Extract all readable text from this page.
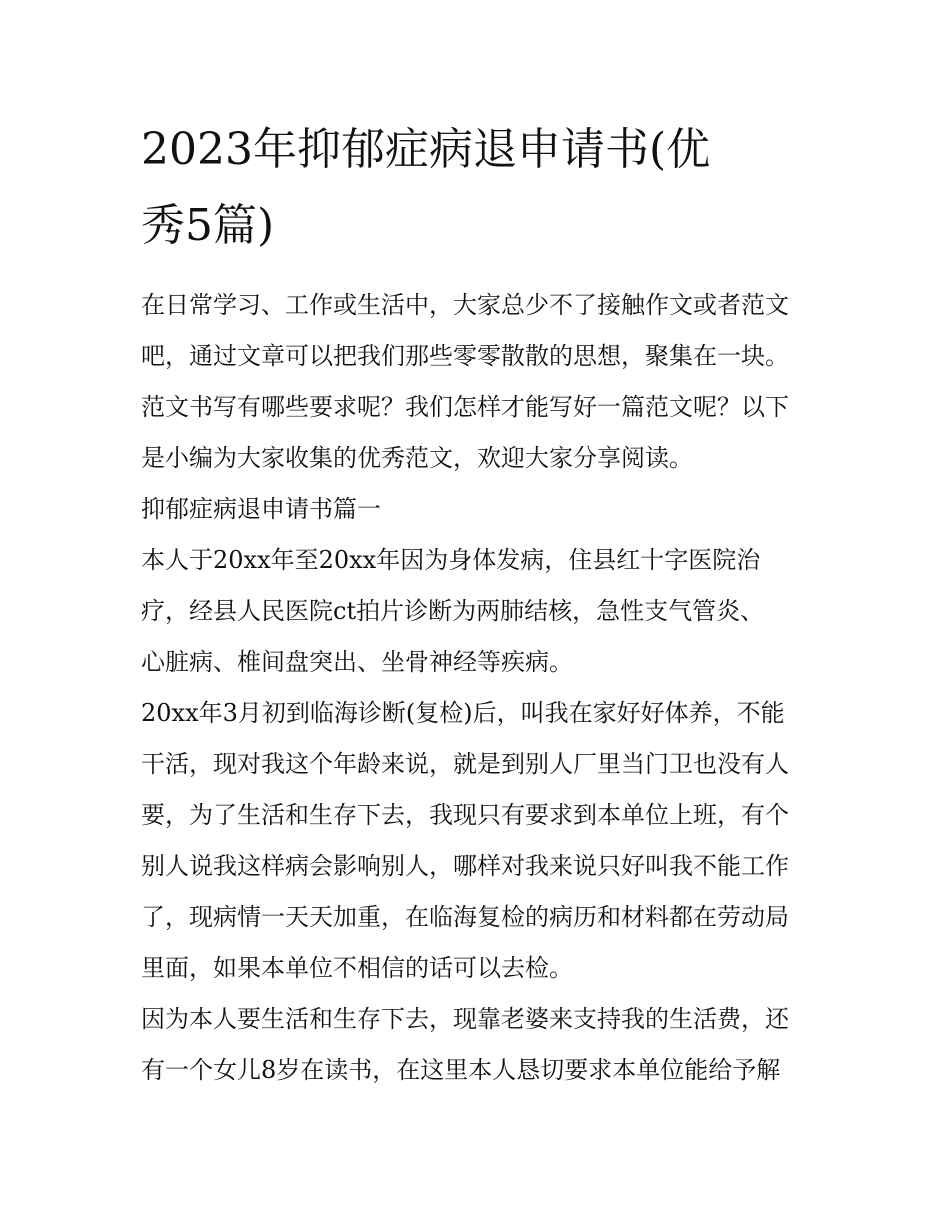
2023年抑郁症病退申请书(优
秀5篇)

在日常学习、工作或生活中，大家总少不了接触作文或者范文
吧，通过文章可以把我们那些零零散散的思想，聚集在一块。
范文书写有哪些要求呢？我们怎样才能写好一篇范文呢？以下
是小编为大家收集的优秀范文，欢迎大家分享阅读。

抑郁症病退申请书篇一

本人于20xx年至20xx年因为身体发病，住县红十字医院治
疗，经县人民医院ct拍片诊断为两肺结核，急性支气管炎、
心脏病、椎间盘突出、坐骨神经等疾病。

20xx年3月初到临海诊断(复检)后，叫我在家好好体养，不能
干活，现对我这个年龄来说，就是到别人厂里当门卫也没有人
要，为了生活和生存下去，我现只有要求到本单位上班，有个
别人说我这样病会影响别人，哪样对我来说只好叫我不能工作
了，现病情一天天加重，在临海复检的病历和材料都在劳动局
里面，如果本单位不相信的话可以去检。

因为本人要生活和生存下去，现靠老婆来支持我的生活费，还
有一个女儿8岁在读书，在这里本人恳切要求本单位能给予解
